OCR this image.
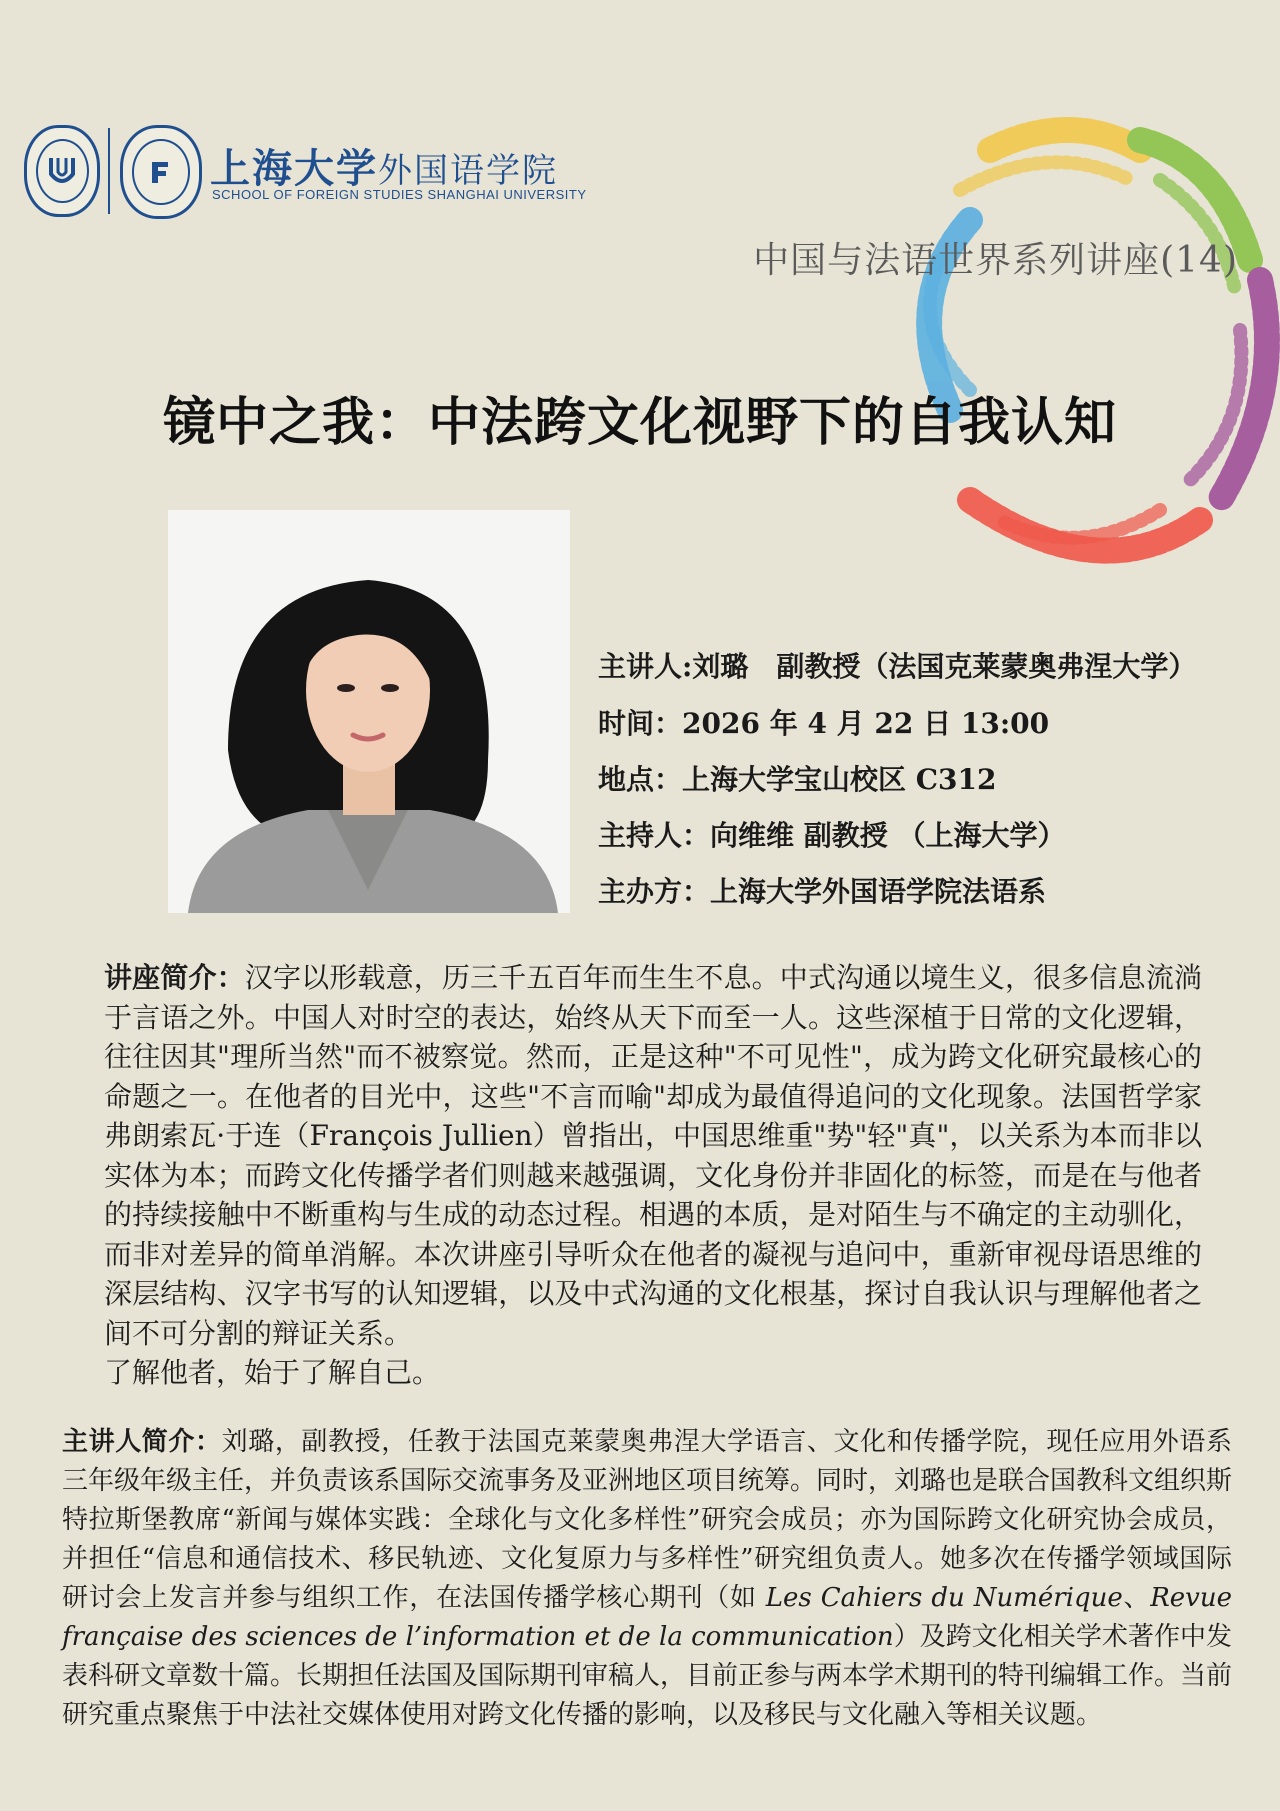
上海大学外国语学院
SCHOOL OF FOREIGN STUDIES SHANGHAI UNIVERSITY
中国与法语世界系列讲座(14)
镜中之我：中法跨文化视野下的自我认知
主讲人:刘璐　副教授（法国克莱蒙奥弗涅大学）
时间：2026 年 4 月 22 日 13:00
地点：上海大学宝山校区 C312
主持人：向维维 副教授 （上海大学）
主办方：上海大学外国语学院法语系
讲座简介：汉字以形载意，历三千五百年而生生不息。中式沟通以境生义，很多信息流淌于言语之外。中国人对时空的表达，始终从天下而至一人。这些深植于日常的文化逻辑，往往因其"理所当然"而不被察觉。然而，正是这种"不可见性"，成为跨文化研究最核心的命题之一。在他者的目光中，这些"不言而喻"却成为最值得追问的文化现象。法国哲学家弗朗索瓦·于连（François Jullien）曾指出，中国思维重"势"轻"真"，以关系为本而非以实体为本；而跨文化传播学者们则越来越强调，文化身份并非固化的标签，而是在与他者的持续接触中不断重构与生成的动态过程。相遇的本质，是对陌生与不确定的主动驯化，而非对差异的简单消解。本次讲座引导听众在他者的凝视与追问中，重新审视母语思维的深层结构、汉字书写的认知逻辑，以及中式沟通的文化根基，探讨自我认识与理解他者之间不可分割的辩证关系。
了解他者，始于了解自己。
主讲人简介：刘璐，副教授，任教于法国克莱蒙奥弗涅大学语言、文化和传播学院，现任应用外语系三年级年级主任，并负责该系国际交流事务及亚洲地区项目统筹。同时，刘璐也是联合国教科文组织斯特拉斯堡教席“新闻与媒体实践：全球化与文化多样性”研究会成员；亦为国际跨文化研究协会成员，并担任“信息和通信技术、移民轨迹、文化复原力与多样性”研究组负责人。她多次在传播学领域国际研讨会上发言并参与组织工作，在法国传播学核心期刊（如 Les Cahiers du Numérique、Revue française des sciences de l’information et de la communication）及跨文化相关学术著作中发表科研文章数十篇。长期担任法国及国际期刊审稿人，目前正参与两本学术期刊的特刊编辑工作。当前研究重点聚焦于中法社交媒体使用对跨文化传播的影响，以及移民与文化融入等相关议题。
